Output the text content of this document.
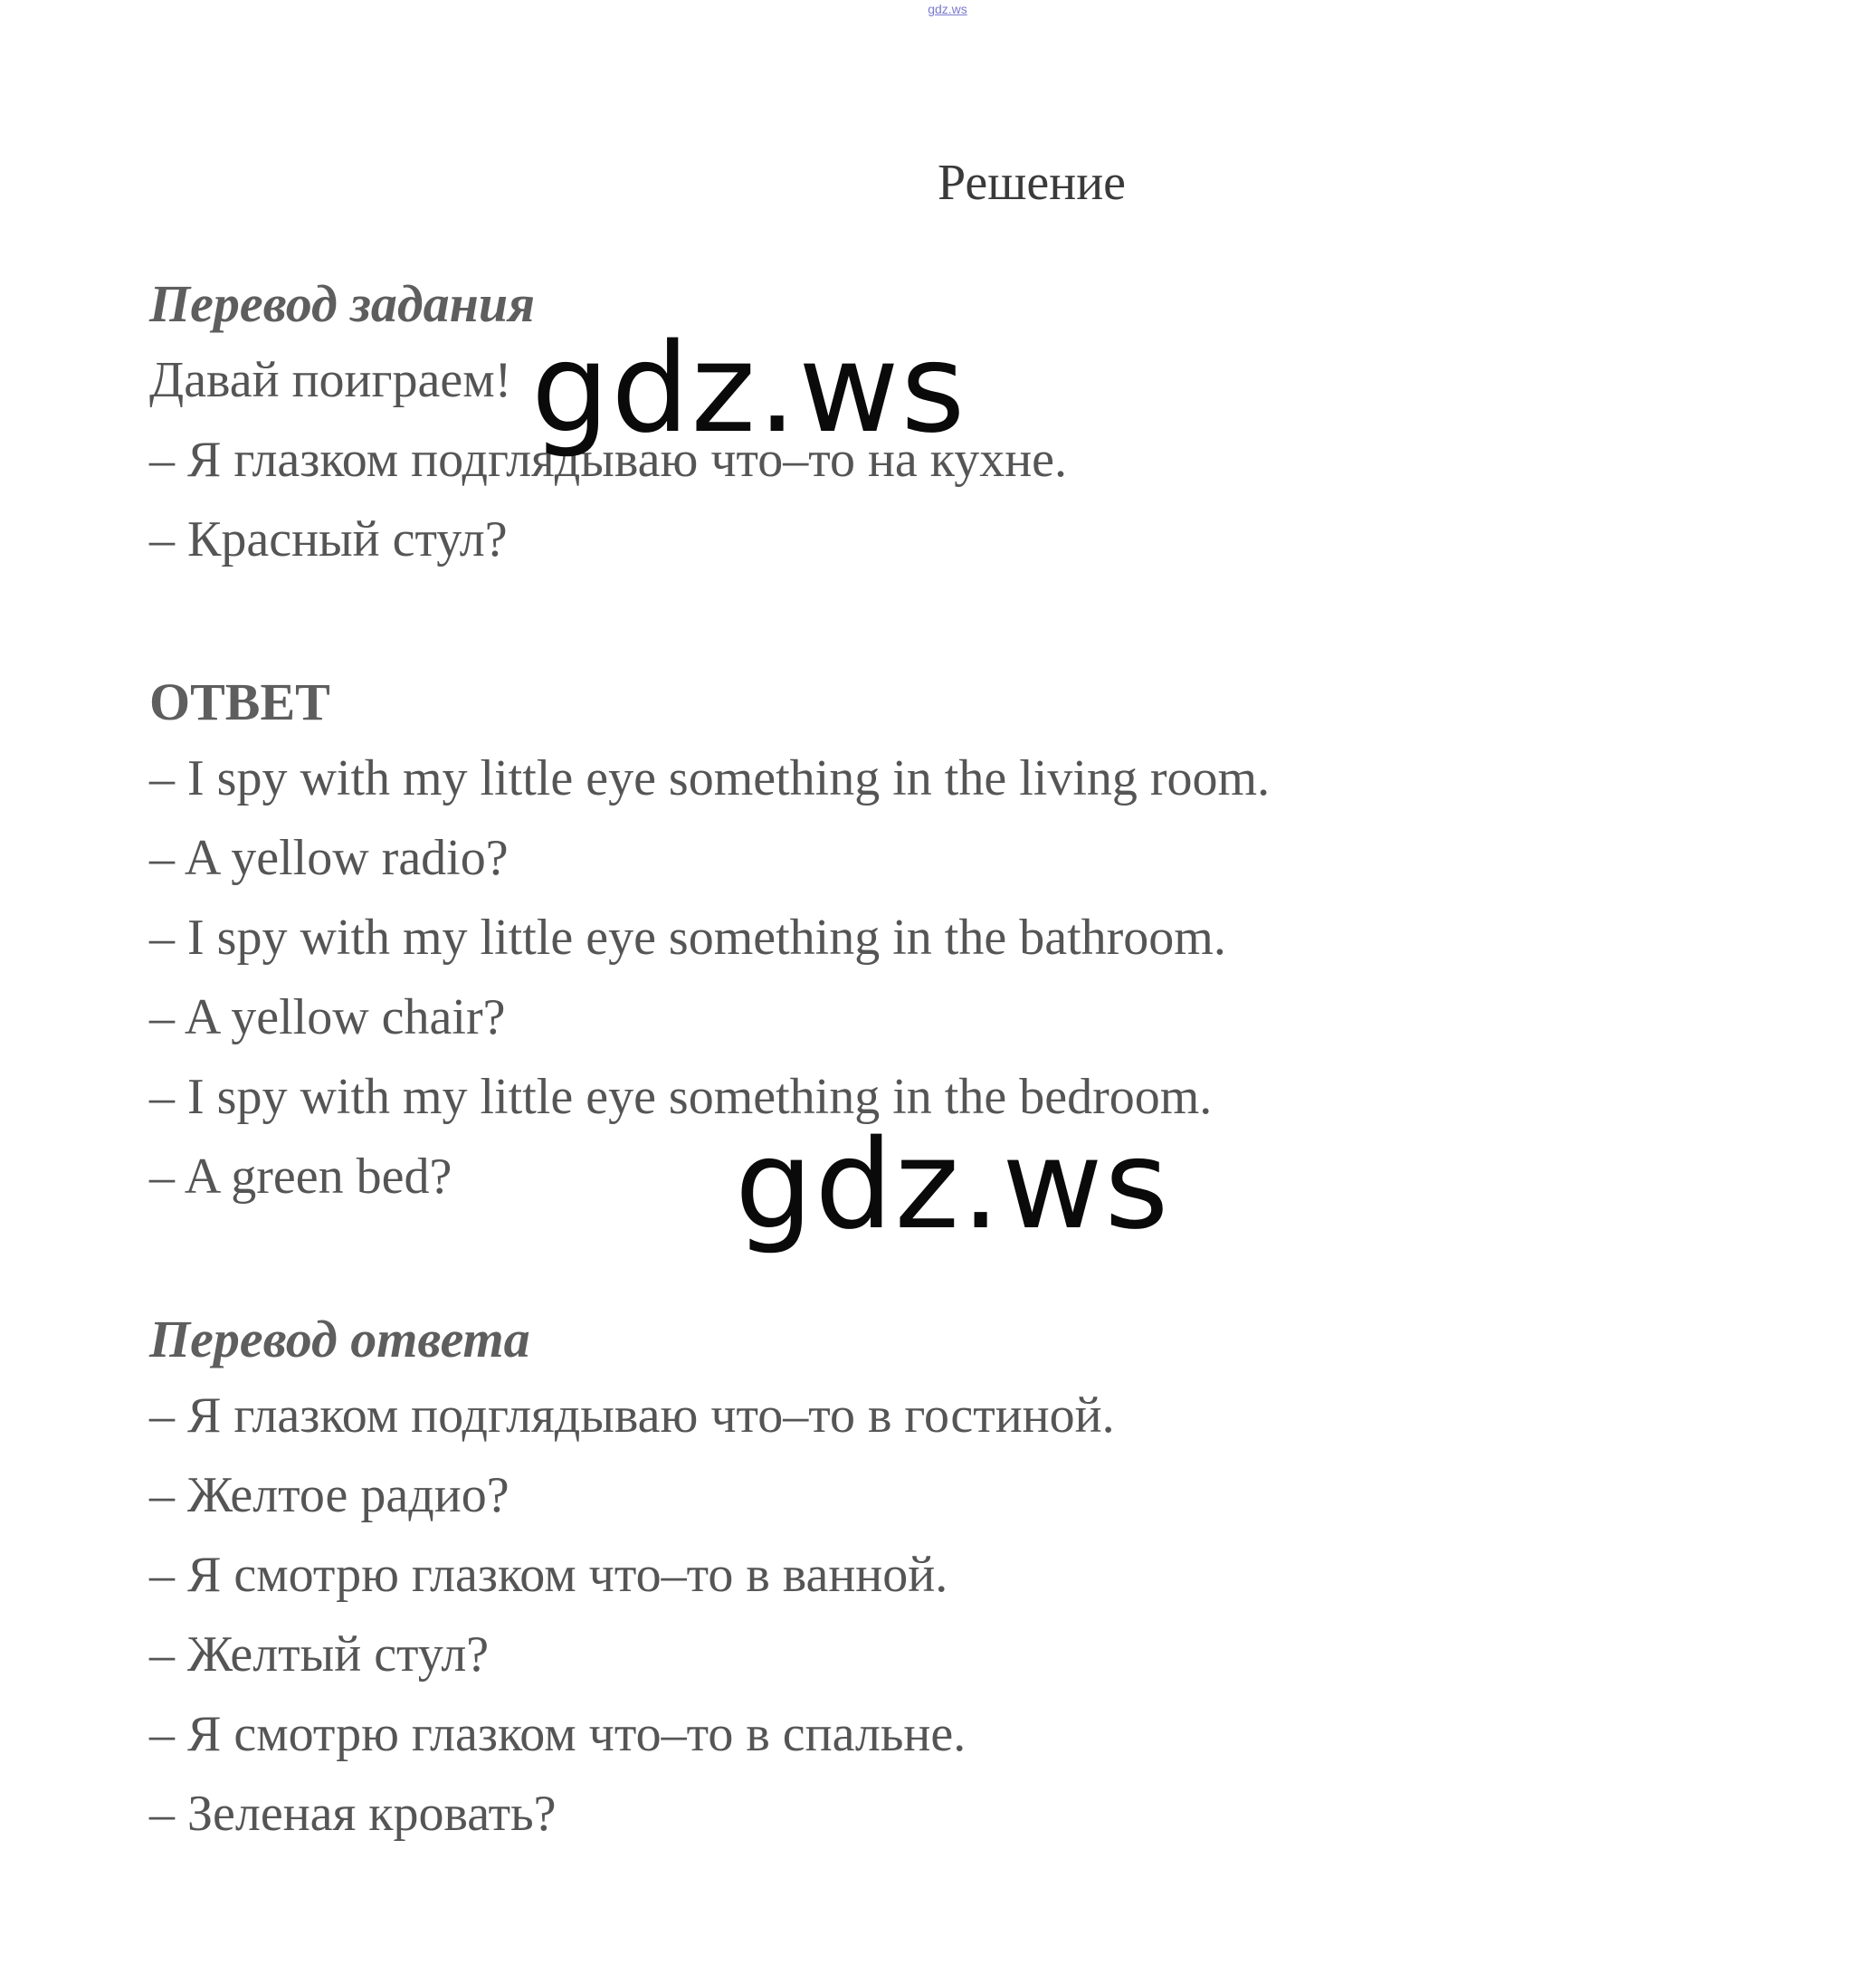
gdz.ws
Решение
Перевод задания
Давай поиграем!
– Я глазком подглядываю что–то на кухне.
– Красный стул?
ОТВЕТ
– I spy with my little eye something in the living room.
– A yellow radio?
– I spy with my little eye something in the bathroom.
– A yellow chair?
– I spy with my little eye something in the bedroom.
– A green bed?
Перевод ответа
– Я глазком подглядываю что–то в гостиной.
– Желтое радио?
– Я смотрю глазком что–то в ванной.
– Желтый стул?
– Я смотрю глазком что–то в спальне.
– Зеленая кровать?
gdz.ws
gdz.ws
